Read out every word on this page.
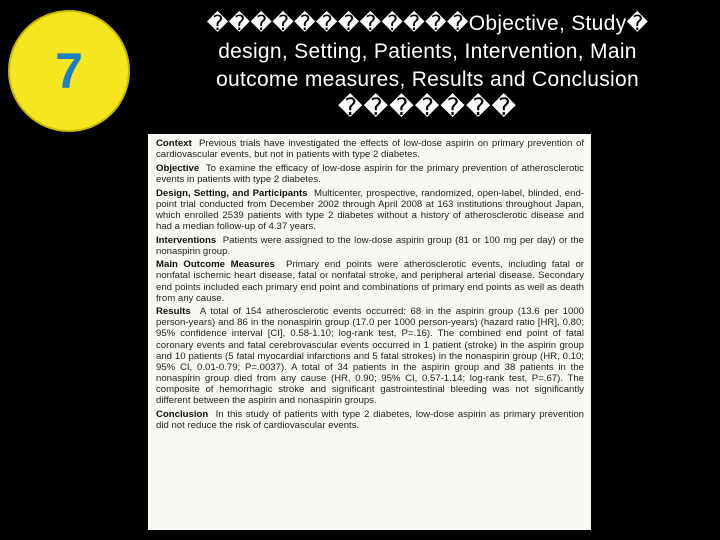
7
������������Objective, Study�
design, Setting, Patients, Intervention, Main
outcome measures, Results and Conclusion
�������

Context Previous trials have investigated the effects of low-dose aspirin on primary prevention of cardiovascular events, but not in patients with type 2 diabetes.

Objective To examine the efficacy of low-dose aspirin for the primary prevention of atherosclerotic events in patients with type 2 diabetes.

Design, Setting, and Participants Multicenter, prospective, randomized, open-label, blinded, end-point trial conducted from December 2002 through April 2008 at 163 institutions throughout Japan, which enrolled 2539 patients with type 2 diabetes without a history of atherosclerotic disease and had a median follow-up of 4.37 years.

Interventions Patients were assigned to the low-dose aspirin group (81 or 100 mg per day) or the nonaspirin group.

Main Outcome Measures Primary end points were atherosclerotic events, including fatal or nonfatal ischemic heart disease, fatal or nonfatal stroke, and peripheral arterial disease. Secondary end points included each primary end point and combinations of primary end points as well as death from any cause.

Results A total of 154 atherosclerotic events occurred: 68 in the aspirin group (13.6 per 1000 person-years) and 86 in the nonaspirin group (17.0 per 1000 person-years) (hazard ratio [HR], 0.80; 95% confidence interval [CI], 0.58-1.10; log-rank test, P=.16). The combined end point of fatal coronary events and fatal cerebrovascular events occurred in 1 patient (stroke) in the aspirin group and 10 patients (5 fatal myocardial infarctions and 5 fatal strokes) in the nonaspirin group (HR, 0.10; 95% CI, 0.01-0.79; P=.0037). A total of 34 patients in the aspirin group and 38 patients in the nonaspirin group died from any cause (HR, 0.90; 95% CI, 0.57-1.14; log-rank test, P=.67). The composite of hemorrhagic stroke and significant gastrointestinal bleeding was not significantly different between the aspirin and nonaspirin groups.

Conclusion In this study of patients with type 2 diabetes, low-dose aspirin as primary prevention did not reduce the risk of cardiovascular events.
